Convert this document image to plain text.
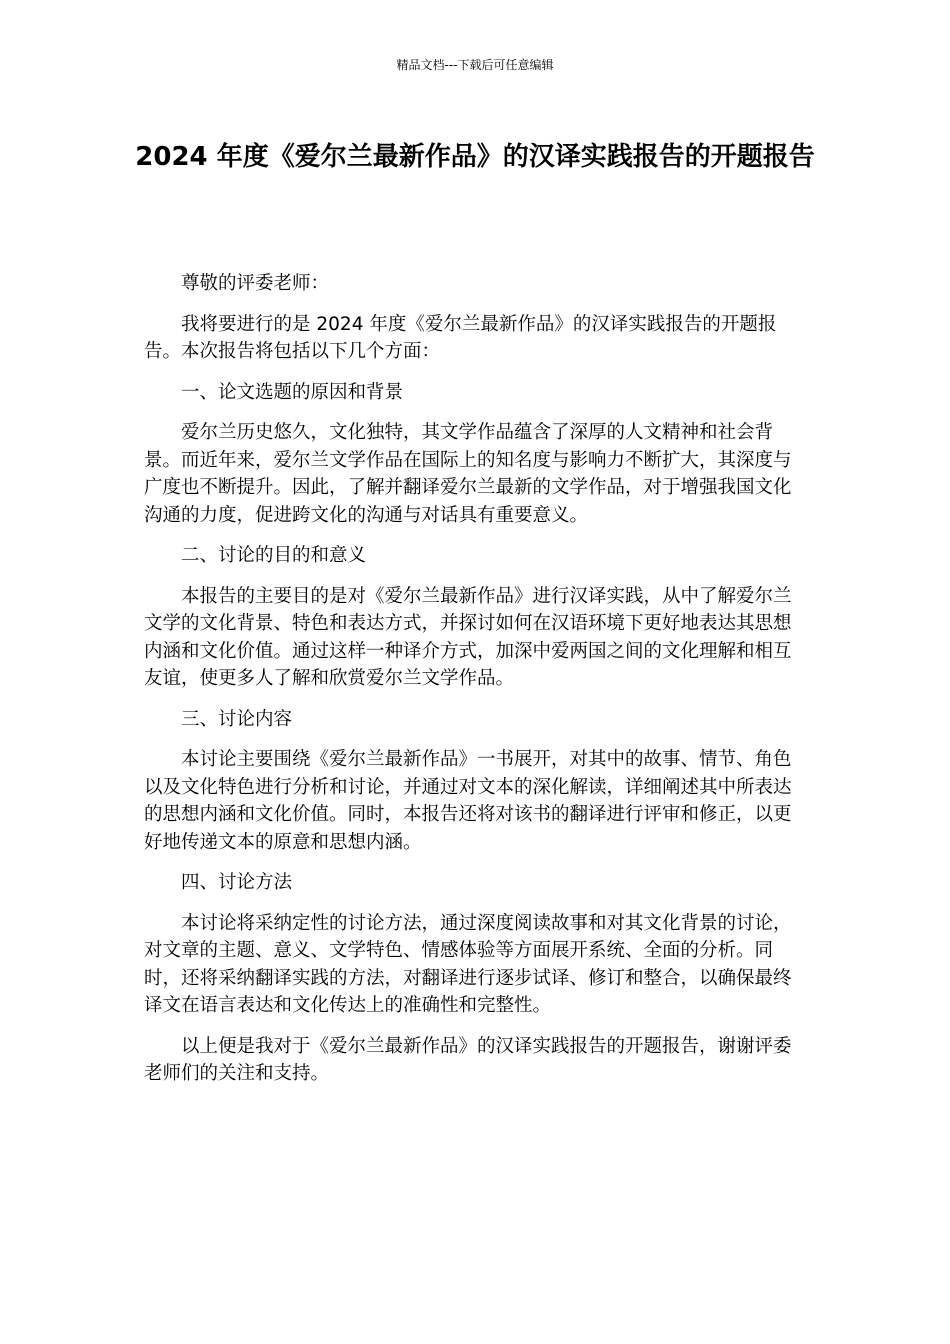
精品文档---下载后可任意编辑
2024 年度《爱尔兰最新作品》的汉译实践报告的开题报告

尊敬的评委老师：

我将要进行的是 2024 年度《爱尔兰最新作品》的汉译实践报告的开题报告。本次报告将包括以下几个方面：

一、论文选题的原因和背景

爱尔兰历史悠久，文化独特，其文学作品蕴含了深厚的人文精神和社会背景。而近年来，爱尔兰文学作品在国际上的知名度与影响力不断扩大，其深度与广度也不断提升。因此，了解并翻译爱尔兰最新的文学作品，对于增强我国文化沟通的力度，促进跨文化的沟通与对话具有重要意义。

二、讨论的目的和意义

本报告的主要目的是对《爱尔兰最新作品》进行汉译实践，从中了解爱尔兰文学的文化背景、特色和表达方式，并探讨如何在汉语环境下更好地表达其思想内涵和文化价值。通过这样一种译介方式，加深中爱两国之间的文化理解和相互友谊，使更多人了解和欣赏爱尔兰文学作品。

三、讨论内容

本讨论主要围绕《爱尔兰最新作品》一书展开，对其中的故事、情节、角色以及文化特色进行分析和讨论，并通过对文本的深化解读，详细阐述其中所表达的思想内涵和文化价值。同时，本报告还将对该书的翻译进行评审和修正，以更好地传递文本的原意和思想内涵。

四、讨论方法

本讨论将采纳定性的讨论方法，通过深度阅读故事和对其文化背景的讨论，对文章的主题、意义、文学特色、情感体验等方面展开系统、全面的分析。同时，还将采纳翻译实践的方法，对翻译进行逐步试译、修订和整合，以确保最终译文在语言表达和文化传达上的准确性和完整性。

以上便是我对于《爱尔兰最新作品》的汉译实践报告的开题报告，谢谢评委老师们的关注和支持。
